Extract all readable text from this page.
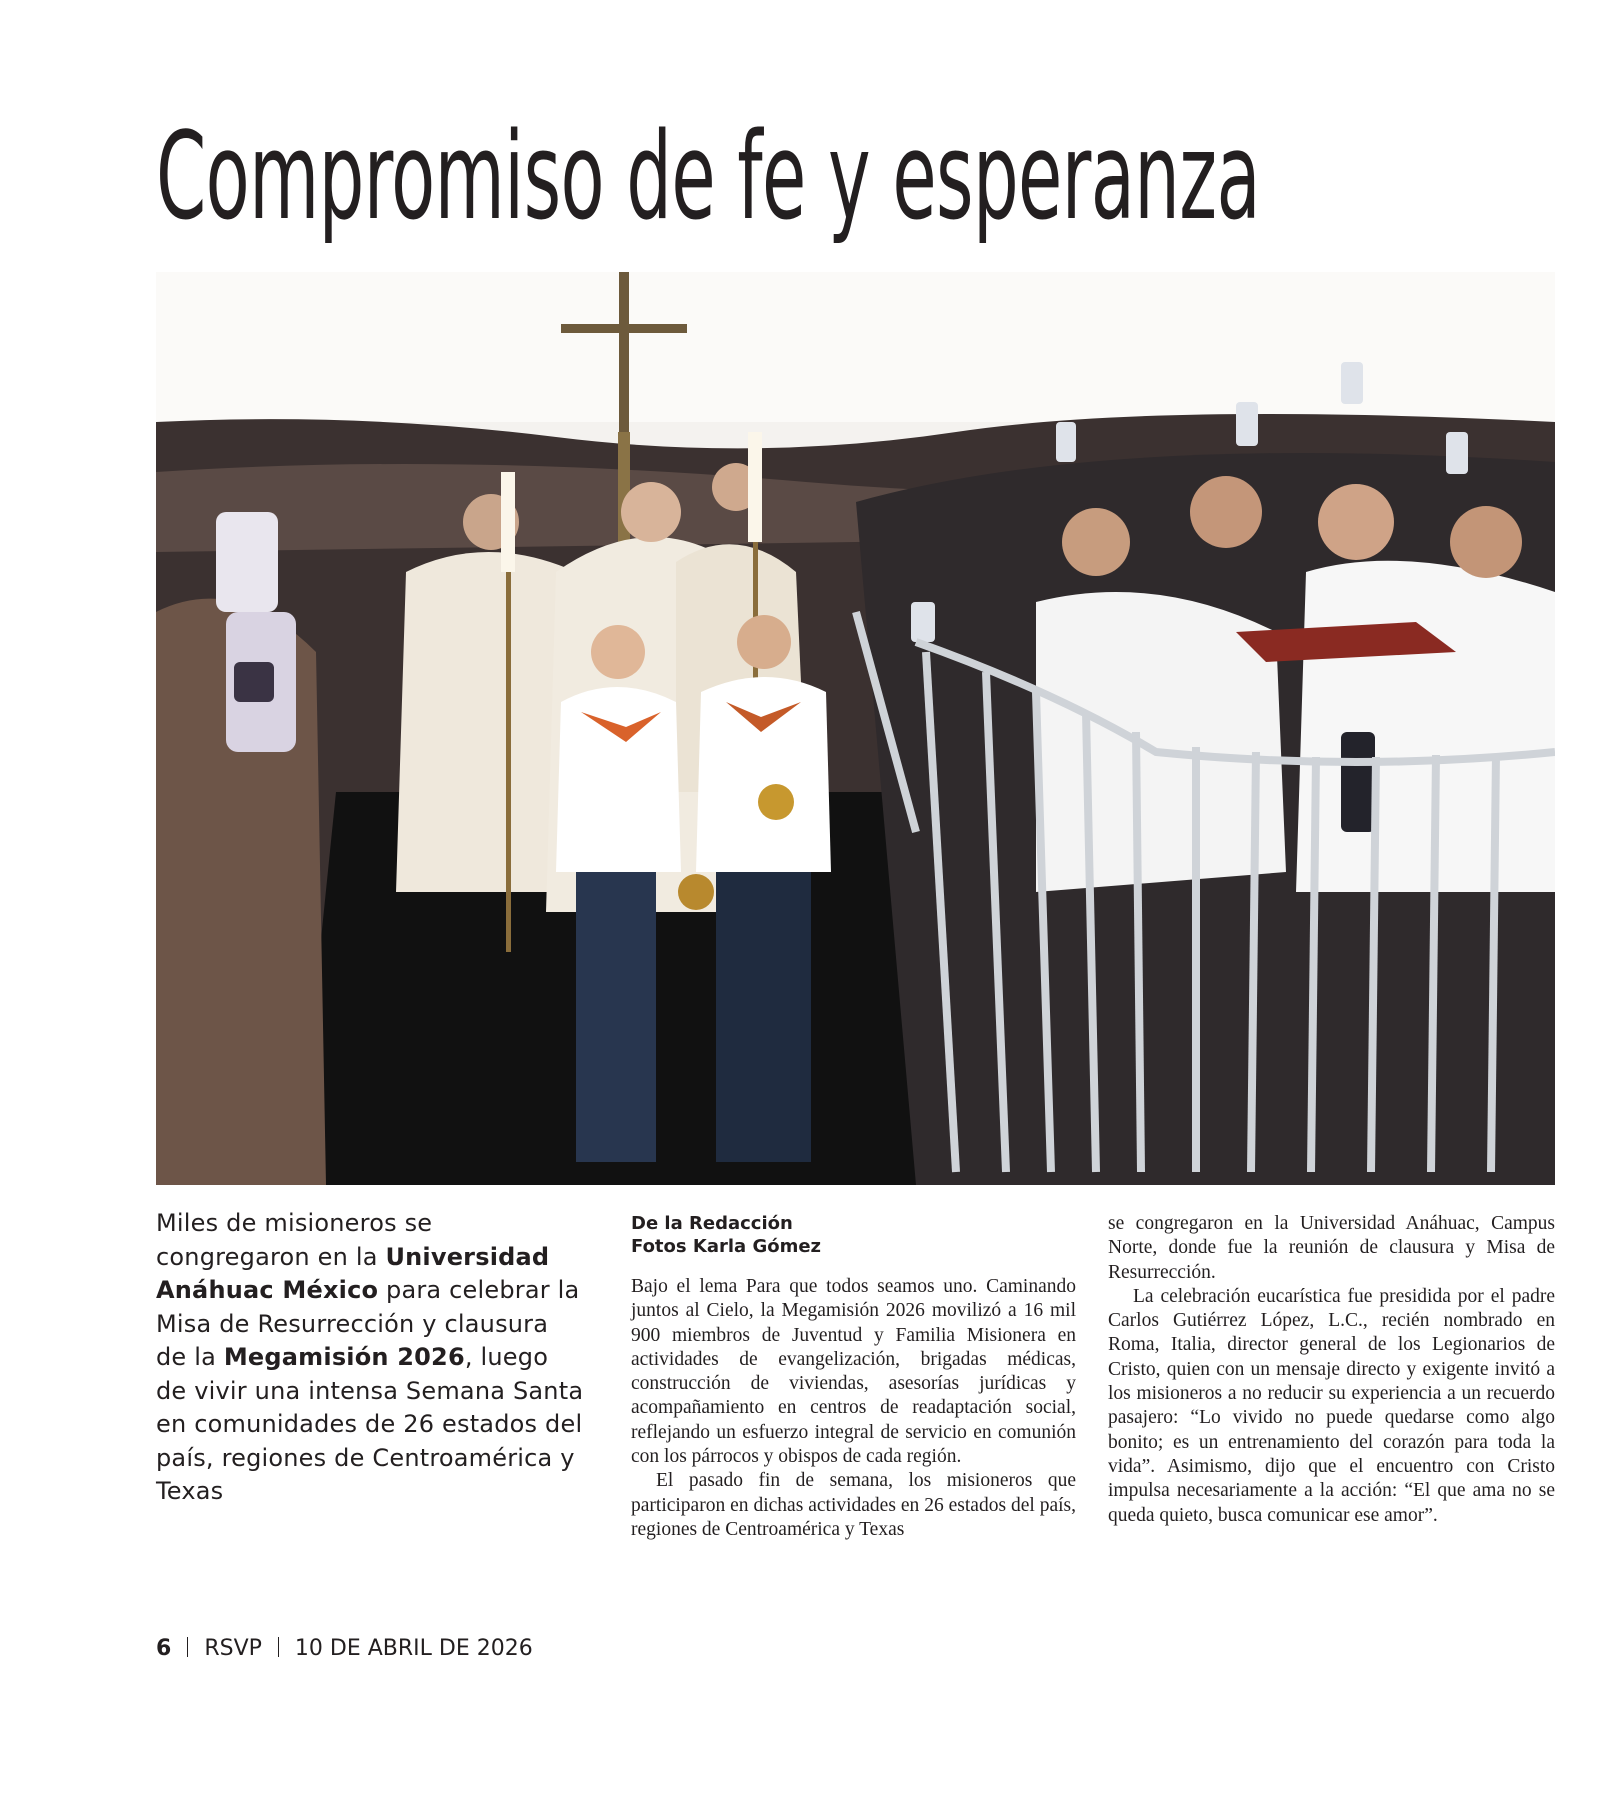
Compromiso de fe y esperanza

Miles de misioneros se congregaron en la Universidad Anáhuac México para celebrar la Misa de Resurrección y clausura de la Megamisión 2026, luego de vivir una intensa Semana Santa en comunidades de 26 estados del país, regiones de Centroamérica y Texas

De la Redacción

Fotos Karla Gómez

Bajo el lema Para que todos seamos uno. Caminando juntos al Cielo, la Megamisión 2026 movilizó a 16 mil 900 miembros de Juventud y Familia Misionera en actividades de evangelización, brigadas médicas, construcción de viviendas, asesorías jurídicas y acompañamiento en centros de readaptación social, reflejando un esfuerzo integral de servicio en comunión con los párrocos y obispos de cada región.

El pasado fin de semana, los misioneros que participaron en dichas actividades en 26 estados del país, regiones de Centroamérica y Texas

se congregaron en la Universidad Anáhuac, Campus Norte, donde fue la reunión de clausura y Misa de Resurrección.

La celebración eucarística fue presidida por el padre Carlos Gutiérrez López, L.C., recién nombrado en Roma, Italia, director general de los Legionarios de Cristo, quien con un mensaje directo y exigente invitó a los misioneros a no reducir su experiencia a un recuerdo pasajero: “Lo vivido no puede quedarse como algo bonito; es un entrenamiento del corazón para toda la vida”. Asimismo, dijo que el encuentro con Cristo impulsa necesariamente a la acción: “El que ama no se queda quieto, busca comunicar ese amor”.

6 RSVP 10 DE ABRIL DE 2026
